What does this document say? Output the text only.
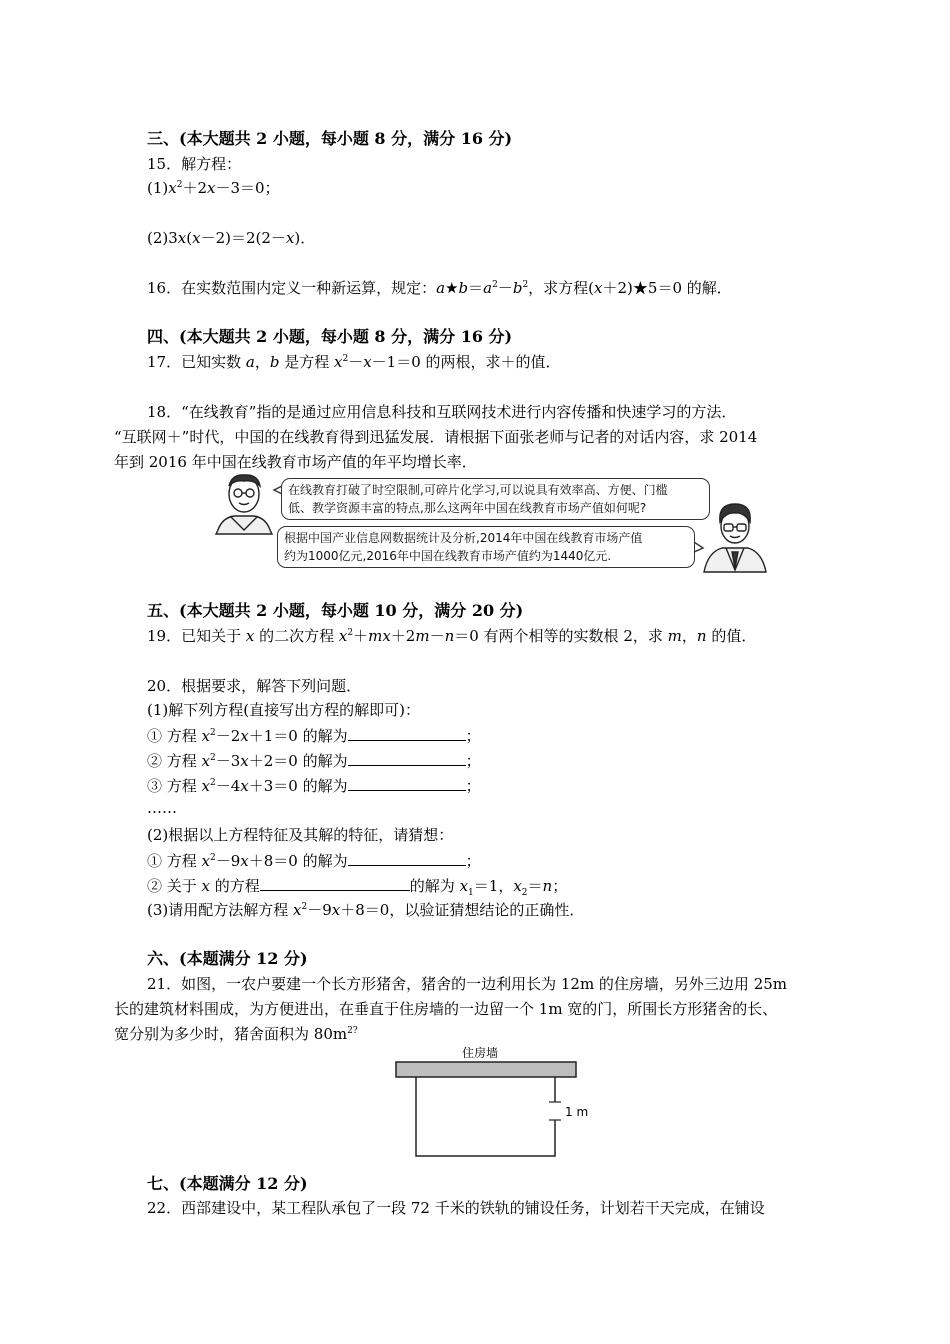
三、(本大题共 2 小题，每小题 8 分，满分 16 分)
15．解方程：
$(1)x^2+2x-3=0$；
(2)3x(x－2)＝2(2－x)．
16．在实数范围内定义一种新运算，规定：$a★b=a^2-b^2$，求方程(x＋2)★5＝0 的解．
四、(本大题共 2 小题，每小题 8 分，满分 16 分)
17．已知实数 a，b 是方程 $x^2-x-1=0$ 的两根，求＋的值．
18．“在线教育”指的是通过应用信息科技和互联网技术进行内容传播和快速学习的方法．
“互联网＋”时代，中国的在线教育得到迅猛发展．请根据下面张老师与记者的对话内容，求 2014
年到 2016 年中国在线教育市场产值的年平均增长率．
在线教育打破了时空限制,可碎片化学习,可以说具有效率高、方便、门槛
低、教学资源丰富的特点,那么这两年中国在线教育市场产值如何呢?
根据中国产业信息网数据统计及分析,2014年中国在线教育市场产值
约为1000亿元,2016年中国在线教育市场产值约为1440亿元.
五、(本大题共 2 小题，每小题 10 分，满分 20 分)
19．已知关于 x 的二次方程 $x^2+mx+2m-n=0$ 有两个相等的实数根 2，求 m，n 的值．
20．根据要求，解答下列问题．
(1)解下列方程(直接写出方程的解即可)：
① 方程 $x^2-2x+1=0$ 的解为	；
② 方程 $x^2-3x+2=0$ 的解为	；
③ 方程 $x^2-4x+3=0$ 的解为	；
……
(2)根据以上方程特征及其解的特征，请猜想：
① 方程 $x^2-9x+8=0$ 的解为	；
② 关于 x 的方程	的解为 $x_1=1$，$x_2=n$；
(3)请用配方法解方程 $x^2-9x+8=0$，以验证猜想结论的正确性．
六、(本题满分 12 分)
21．如图，一农户要建一个长方形猪舍，猪舍的一边利用长为 12m 的住房墙，另外三边用 25m
长的建筑材料围成，为方便进出，在垂直于住房墙的一边留一个 1m 宽的门，所围长方形猪舍的长、
宽分别为多少时，猪舍面积为 $80m^{2?}$
住房墙
1 m
七、(本题满分 12 分)
22．西部建设中，某工程队承包了一段 72 千米的铁轨的铺设任务，计划若干天完成，在铺设
